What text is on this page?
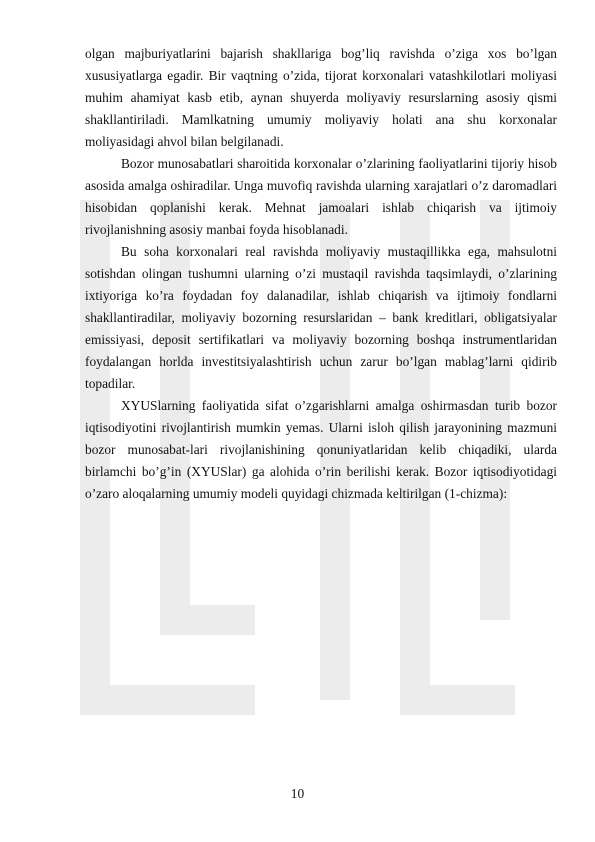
olgan majburiyatlarini bajarish shakllariga bog’liq ravishda o’ziga xos bo’lgan xususiyatlarga egadir. Bir vaqtning o’zida, tijorat korxonalari vatashkilotlari moliyasi muhim ahamiyat kasb etib, aynan shuyerda moliyaviy resurslarning asosiy qismi shakllantiriladi. Mamlkatning umumiy moliyaviy holati ana shu korxonalar moliyasidagi ahvol bilan belgilanadi.

Bozor munosabatlari sharoitida korxonalar o’zlarining faoliyatlarini tijoriy hisob asosida amalga oshiradilar. Unga muvofiq ravishda ularning xarajatlari o’z daromadlari hisobidan qoplanishi kerak. Mehnat jamoalari ishlab chiqarish va ijtimoiy rivojlanishning asosiy manbai foyda hisoblanadi.

Bu soha korxonalari real ravishda moliyaviy mustaqillikka ega, mahsulotni sotishdan olingan tushumni ularning o’zi mustaqil ravishda taqsimlaydi, o’zlarining ixtiyoriga ko’ra foydadan foy dalanadilar, ishlab chiqarish va ijtimoiy fondlarni shakllantiradilar, moliyaviy bozorning resurslaridan – bank kreditlari, obligatsiyalar emissiyasi, deposit sertifikatlari va moliyaviy bozorning boshqa instrumentlaridan foydalangan horlda investitsiyalashtirish uchun zarur bo’lgan mablag’larni qidirib topadilar.

XYUSlarning faoliyatida sifat o’zgarishlarni amalga oshirmasdan turib bozor iqtisodiyotini rivojlantirish mumkin yemas. Ularni isloh qilish jarayonining mazmuni bozor munosabat-lari rivojlanishining qonuniyatlaridan kelib chiqadiki, ularda birlamchi bo’g’in (XYUSlar) ga alohida o’rin berilishi kerak. Bozor iqtisodiyotidagi o’zaro aloqalarning umumiy modeli quyidagi chizmada keltirilgan (1-chizma):

10
